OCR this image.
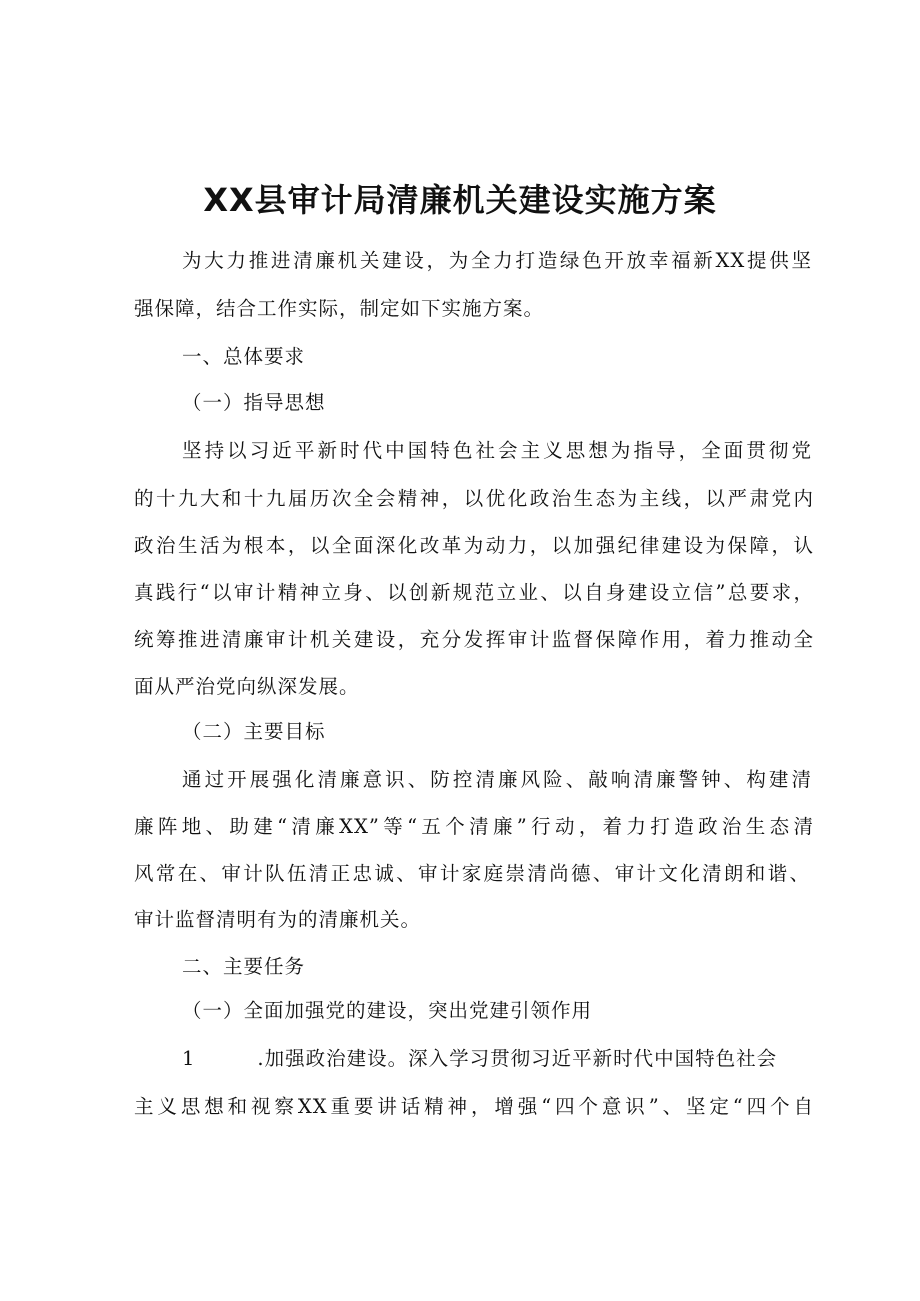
XX县审计局清廉机关建设实施方案

为大力推进清廉机关建设，为全力打造绿色开放幸福新XX提供坚

强保障，结合工作实际，制定如下实施方案。

一、总体要求

（一）指导思想

坚持以习近平新时代中国特色社会主义思想为指导，全面贯彻党

的十九大和十九届历次全会精神，以优化政治生态为主线，以严肃党内

政治生活为根本，以全面深化改革为动力，以加强纪律建设为保障，认

真践行“以审计精神立身、以创新规范立业、以自身建设立信”总要求，

统筹推进清廉审计机关建设，充分发挥审计监督保障作用，着力推动全

面从严治党向纵深发展。

（二）主要目标

通过开展强化清廉意识、防控清廉风险、敲响清廉警钟、构建清

廉阵地、助建“清廉XX”等“五个清廉”行动，着力打造政治生态清

风常在、审计队伍清正忠诚、审计家庭崇清尚德、审计文化清朗和谐、

审计监督清明有为的清廉机关。

二、主要任务

（一）全面加强党的建设，突出党建引领作用

1	.加强政治建设。深入学习贯彻习近平新时代中国特色社会

主义思想和视察XX重要讲话精神，增强“四个意识”、坚定“四个自
